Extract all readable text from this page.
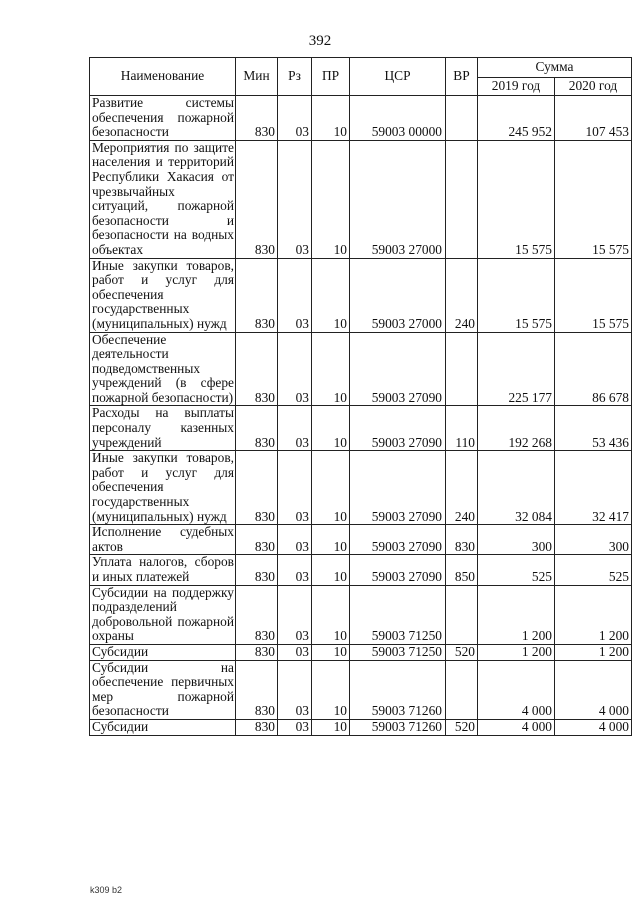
392
Наименование	Мин	Рз	ПР	ЦСР	ВР	Сумма	
						2019 год	2020 год
Развитие системы обеспечения пожарной безопасности	830	03	10	59003 00000		245 952	107 453
Мероприятия по защите населения и территорий Республики Хакасия от чрезвычайных ситуаций, пожарной безопасности и безопасности на водных объектах	830	03	10	59003 27000		15 575	15 575
Иные закупки товаров, работ и услуг для обеспечения государственных (муниципальных) нужд	830	03	10	59003 27000	240	15 575	15 575
Обеспечение деятельности подведомственных учреждений (в сфере пожарной безопасности)	830	03	10	59003 27090		225 177	86 678
Расходы на выплаты персоналу казенных учреждений	830	03	10	59003 27090	110	192 268	53 436
Иные закупки товаров, работ и услуг для обеспечения государственных (муниципальных) нужд	830	03	10	59003 27090	240	32 084	32 417
Исполнение судебных актов	830	03	10	59003 27090	830	300	300
Уплата налогов, сборов и иных платежей	830	03	10	59003 27090	850	525	525
Субсидии на поддержку подразделений добровольной пожарной охраны	830	03	10	59003 71250		1 200	1 200
Субсидии	830	03	10	59003 71250	520	1 200	1 200
Субсидии на обеспечение первичных мер пожарной безопасности	830	03	10	59003 71260		4 000	4 000
Субсидии	830	03	10	59003 71260	520	4 000	4 000
k309 b2
